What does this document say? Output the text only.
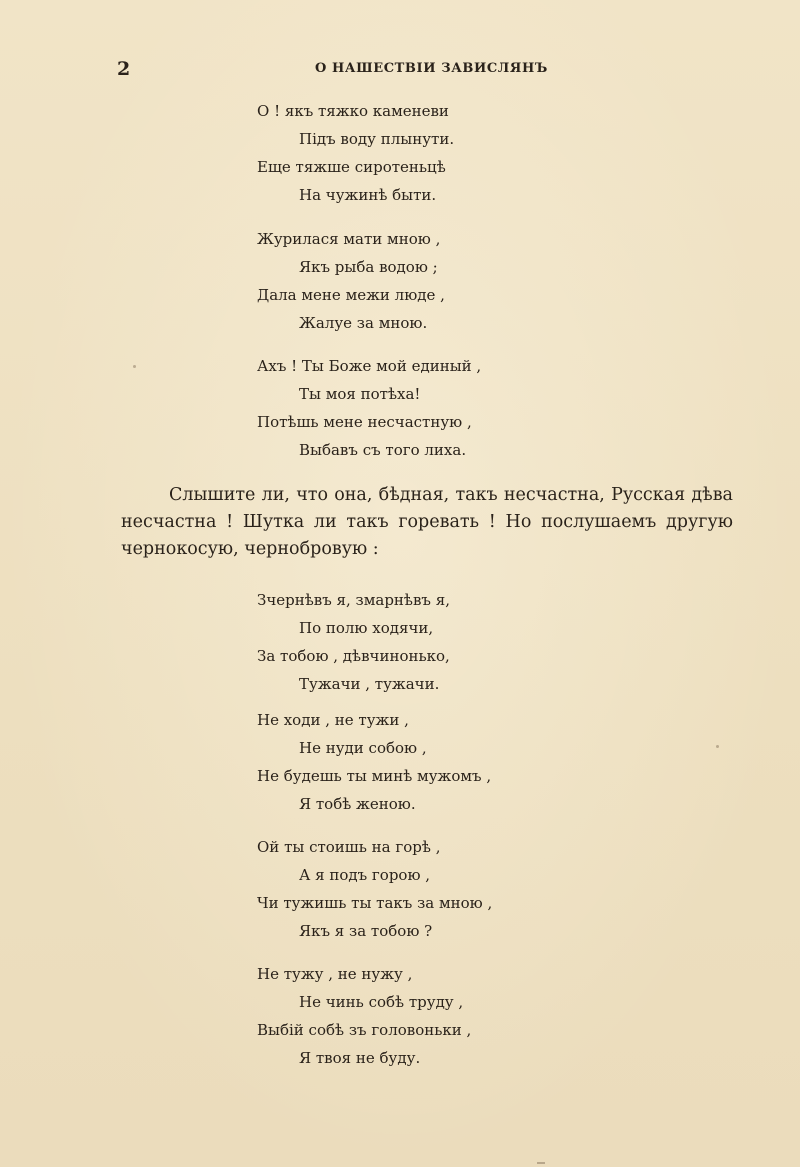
2	О НАШЕСТВІИ ЗАВИСЛЯНЪ
О ! якъ тяжко каменеви
Підъ воду плынути.
Еще тяжше сиротеньцѣ
На чужинѣ быти.
Журилася мати мною ,
Якъ рыба водою ;
Дала мене межи люде ,
Жалуе за мною.
Ахъ ! Ты Боже мой единый ,
Ты моя потѣха!
Потѣшь мене несчастную ,
Выбавъ съ того лиха.

Слышите ли, что она, бѣдная, такъ несчастна, Русская дѣва несчастна ! Шутка ли такъ горевать ! Но послушаемъ другую чернокосую, чернобровую :

Зчернѣвъ я, змарнѣвъ я,
По полю ходячи,
За тобою , дѣвчинонько,
Тужачи , тужачи.
Не ходи , не тужи ,
Не нуди собою ,
Не будешь ты минѣ мужомъ ,
Я тобѣ женою.
Ой ты стоишь на горѣ ,
А я подъ горою ,
Чи тужишь ты такъ за мною ,
Якъ я за тобою ?
Не тужу , не нужу ,
Не чинь собѣ труду ,
Выбій собѣ зъ головоньки ,
Я твоя не буду.
